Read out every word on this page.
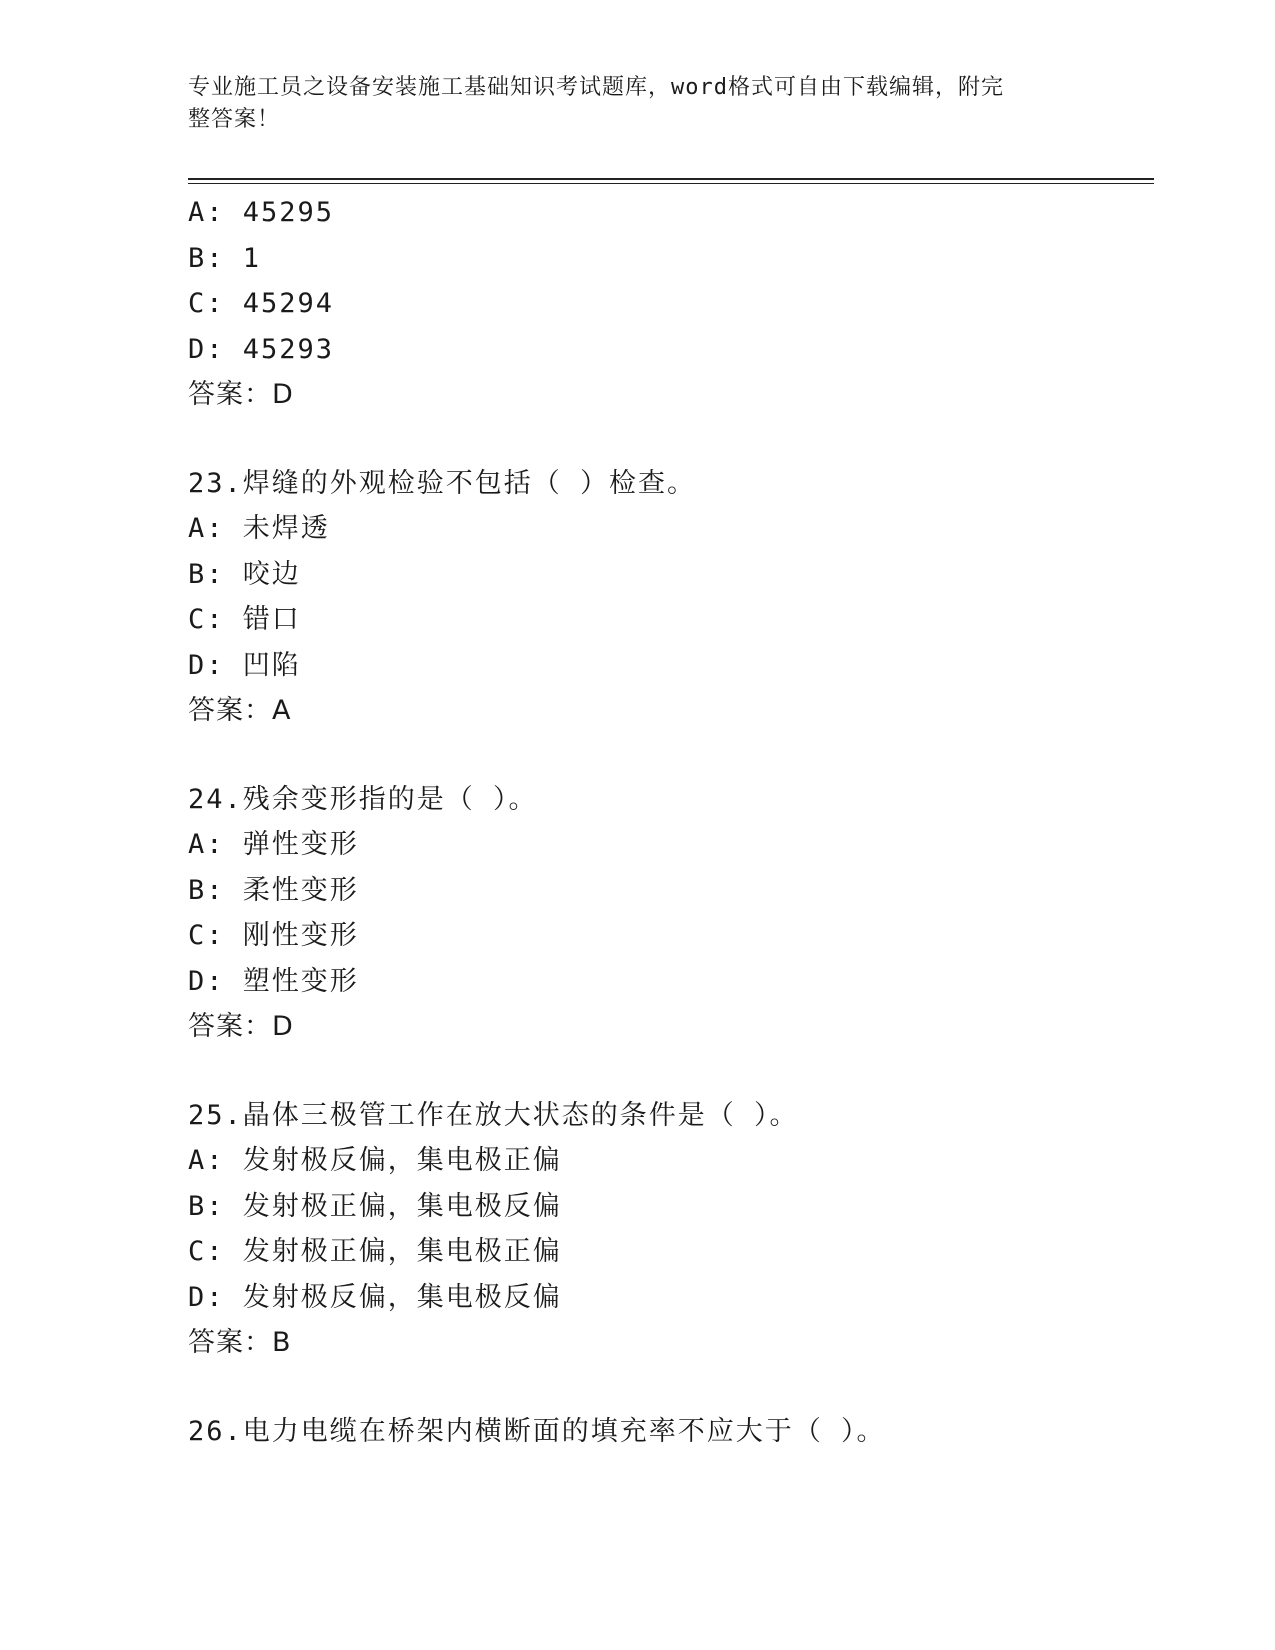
专业施工员之设备安装施工基础知识考试题库，word格式可自由下载编辑，附完
整答案！
A: 45295
B: 1
C: 45294
D: 45293
答案：D
23.焊缝的外观检验不包括（ ）检查。
A: 未焊透
B: 咬边
C: 错口
D: 凹陷
答案：A
24.残余变形指的是（ ）。
A: 弹性变形
B: 柔性变形
C: 刚性变形
D: 塑性变形
答案：D
25.晶体三极管工作在放大状态的条件是（ ）。
A: 发射极反偏，集电极正偏
B: 发射极正偏，集电极反偏
C: 发射极正偏，集电极正偏
D: 发射极反偏，集电极反偏
答案：B
26.电力电缆在桥架内横断面的填充率不应大于（ ）。
